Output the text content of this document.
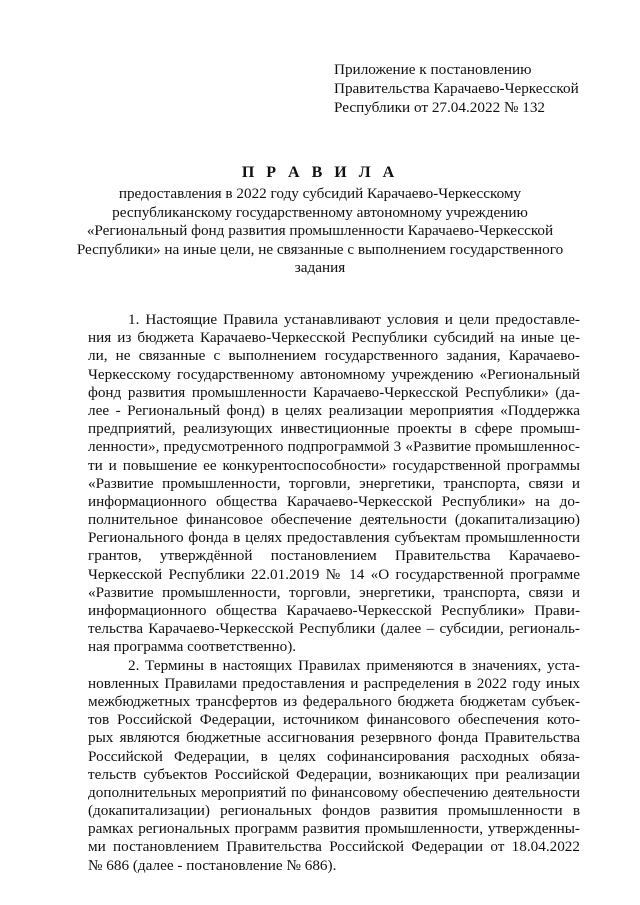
Приложение к постановлению
Правительства Карачаево-Черкесской
Республики от 27.04.2022 № 132
П Р А В И Л А
предоставления в 2022 году субсидий Карачаево-Черкесскому
республиканскому государственному автономному учреждению
«Региональный фонд развития промышленности Карачаево-Черкесской
Республики» на иные цели, не связанные с выполнением государственного
задания
1. Настоящие Правила устанавливают условия и цели предоставле-
ния из бюджета Карачаево-Черкесской Республики субсидий на иные це-
ли, не связанные с выполнением государственного задания, Карачаево-
Черкесскому государственному автономному учреждению «Региональный
фонд развития промышленности Карачаево-Черкесской Республики» (да-
лее - Региональный фонд) в целях реализации мероприятия «Поддержка
предприятий, реализующих инвестиционные проекты в сфере промыш-
ленности», предусмотренного подпрограммой 3 «Развитие промышленнос-
ти и повышение ее конкурентоспособности» государственной программы
«Развитие промышленности, торговли, энергетики, транспорта, связи и
информационного общества Карачаево-Черкесской Республики» на до-
полнительное финансовое обеспечение деятельности (докапитализацию)
Регионального фонда в целях предоставления субъектам промышленности
грантов, утверждённой постановлением Правительства Карачаево-
Черкесской Республики 22.01.2019 № 14 «О государственной программе
«Развитие промышленности, торговли, энергетики, транспорта, связи и
информационного общества Карачаево-Черкесской Республики» Прави-
тельства Карачаево-Черкесской Республики (далее – субсидии, региональ-
ная программа соответственно).
2. Термины в настоящих Правилах применяются в значениях, уста-
новленных Правилами предоставления и распределения в 2022 году иных
межбюджетных трансфертов из федерального бюджета бюджетам субъек-
тов Российской Федерации, источником финансового обеспечения кото-
рых являются бюджетные ассигнования резервного фонда Правительства
Российской Федерации, в целях софинансирования расходных обяза-
тельств субъектов Российской Федерации, возникающих при реализации
дополнительных мероприятий по финансовому обеспечению деятельности
(докапитализации) региональных фондов развития промышленности в
рамках региональных программ развития промышленности, утвержденны-
ми постановлением Правительства Российской Федерации от 18.04.2022
№ 686 (далее - постановление № 686).
